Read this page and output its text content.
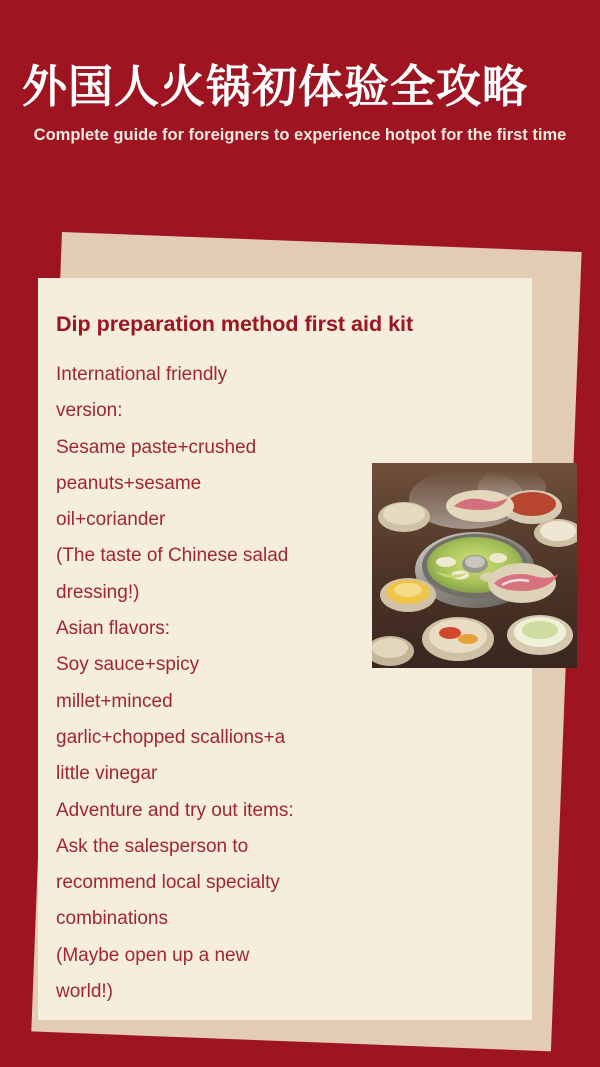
外国人火锅初体验全攻略
Complete guide for foreigners to experience hotpot for the first time
Dip preparation method first aid kit
International friendly
version:
Sesame paste+crushed
peanuts+sesame
oil+coriander
(The taste of Chinese salad
dressing!)
Asian flavors:
Soy sauce+spicy
millet+minced
garlic+chopped scallions+a
little vinegar
Adventure and try out items:
Ask the salesperson to
recommend local specialty
combinations
(Maybe open up a new
world!)
